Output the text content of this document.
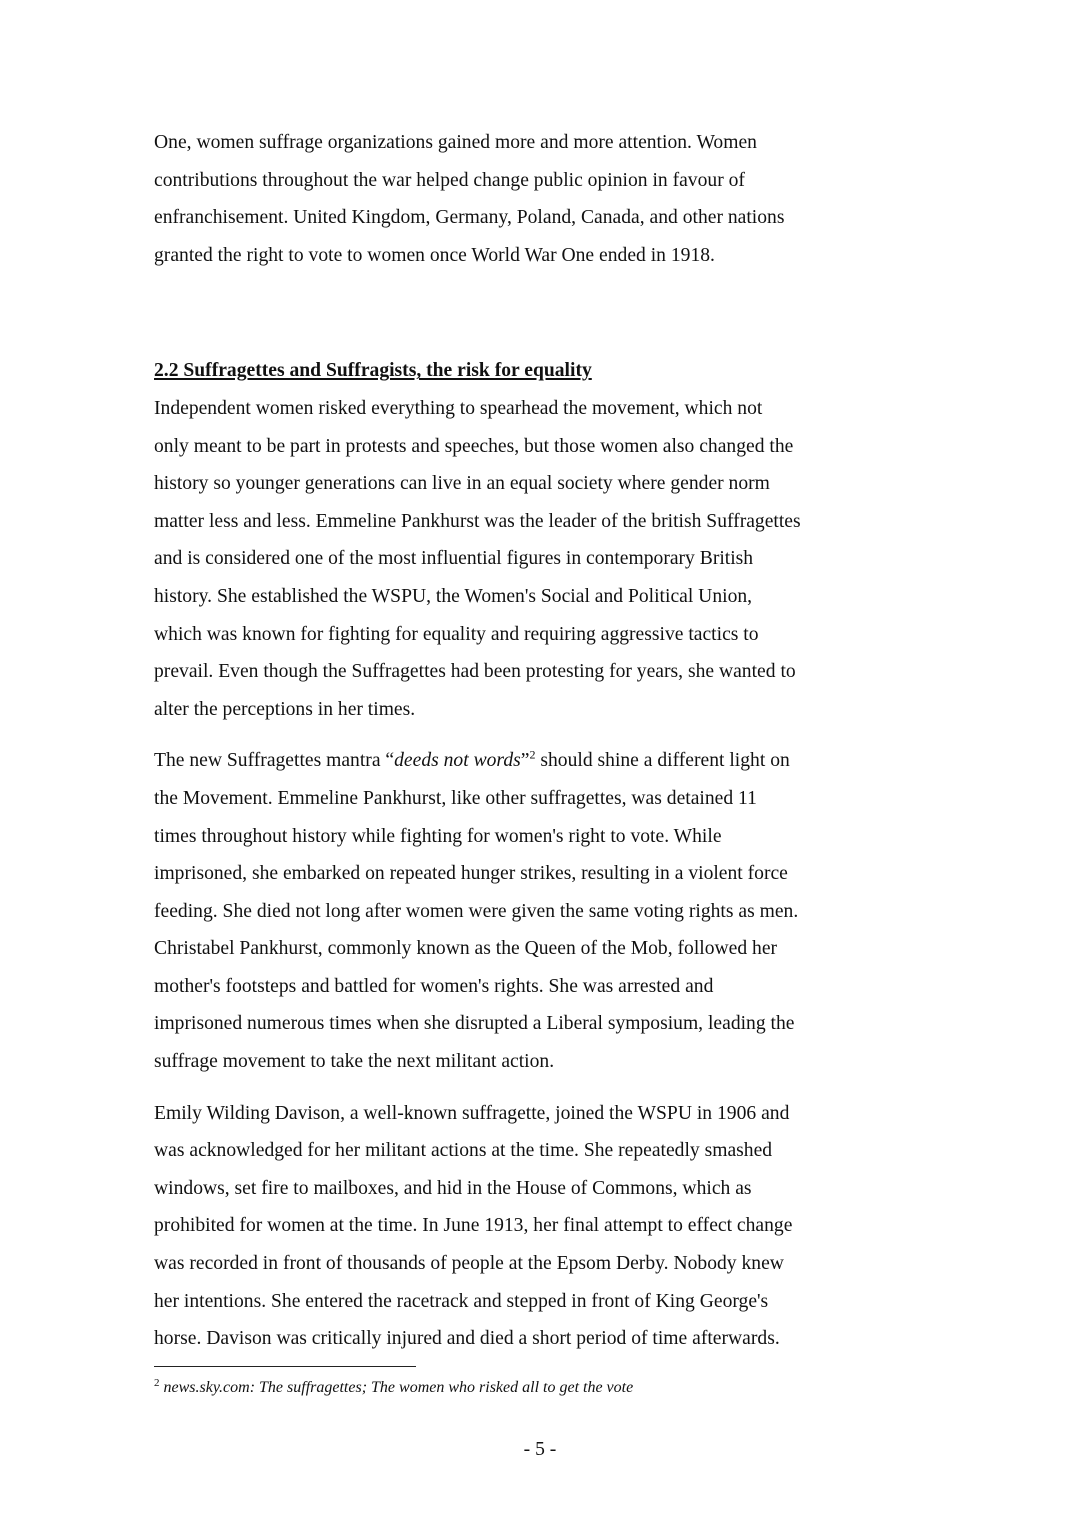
One, women suffrage organizations gained more and more attention. Women

contributions throughout the war helped change public opinion in favour of

enfranchisement. United Kingdom, Germany, Poland, Canada, and other nations

granted the right to vote to women once World War One ended in 1918.

2.2 Suffragettes and Suffragists, the risk for equality

Independent women risked everything to spearhead the movement, which not

only meant to be part in protests and speeches, but those women also changed the

history so younger generations can live in an equal society where gender norm

matter less and less. Emmeline Pankhurst was the leader of the british Suffragettes

and is considered one of the most influential figures in contemporary British

history. She established the WSPU, the Women's Social and Political Union,

which was known for fighting for equality and requiring aggressive tactics to

prevail. Even though the Suffragettes had been protesting for years, she wanted to

alter the perceptions in her times.

The new Suffragettes mantra “deeds not words”$^2$ should shine a different light on

the Movement. Emmeline Pankhurst, like other suffragettes, was detained 11

times throughout history while fighting for women's right to vote. While

imprisoned, she embarked on repeated hunger strikes, resulting in a violent force

feeding. She died not long after women were given the same voting rights as men.

Christabel Pankhurst, commonly known as the Queen of the Mob, followed her

mother's footsteps and battled for women's rights. She was arrested and

imprisoned numerous times when she disrupted a Liberal symposium, leading the

suffrage movement to take the next militant action.

Emily Wilding Davison, a well-known suffragette, joined the WSPU in 1906 and

was acknowledged for her militant actions at the time. She repeatedly smashed

windows, set fire to mailboxes, and hid in the House of Commons, which as

prohibited for women at the time. In June 1913, her final attempt to effect change

was recorded in front of thousands of people at the Epsom Derby. Nobody knew

her intentions. She entered the racetrack and stepped in front of King George's

horse. Davison was critically injured and died a short period of time afterwards.

$^2$ news.sky.com: The suffragettes; The women who risked all to get the vote
- 5 -
